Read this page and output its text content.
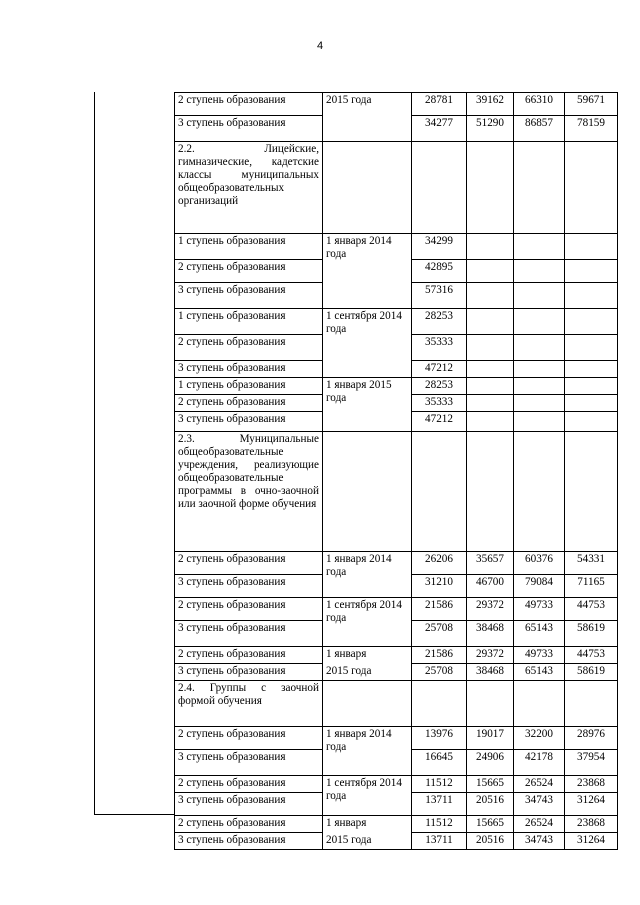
4
2 ступень образования	2015 года	28781	39162	66310	59671
3 ступень образования		34277	51290	86857	78159
2.2. Лицейские, гимназические, кадетские классы муниципальных общеобразовательных организаций					
1 ступень образования	1 января 2014 года	34299			
2 ступень образования		42895			
3 ступень образования		57316			
1 ступень образования	1 сентября 2014 года	28253			
2 ступень образования		35333			
3 ступень образования		47212			
1 ступень образования	1 января 2015 года	28253			
2 ступень образования		35333			
3 ступень образования		47212			
2.3. Муниципальные общеобразовательные учреждения, реализующие общеобразовательные программы в очно-заочной или заочной форме обучения					
2 ступень образования	1 января 2014 года	26206	35657	60376	54331
3 ступень образования		31210	46700	79084	71165
2 ступень образования	1 сентября 2014 года	21586	29372	49733	44753
3 ступень образования		25708	38468	65143	58619
2 ступень образования	1 января	21586	29372	49733	44753
3 ступень образования	2015 года	25708	38468	65143	58619
2.4. Группы с заочной формой обучения					
2 ступень образования	1 января 2014 года	13976	19017	32200	28976
3 ступень образования		16645	24906	42178	37954
2 ступень образования	1 сентября 2014 года	11512	15665	26524	23868
3 ступень образования		13711	20516	34743	31264
2 ступень образования	1 января	11512	15665	26524	23868
3 ступень образования	2015 года	13711	20516	34743	31264
